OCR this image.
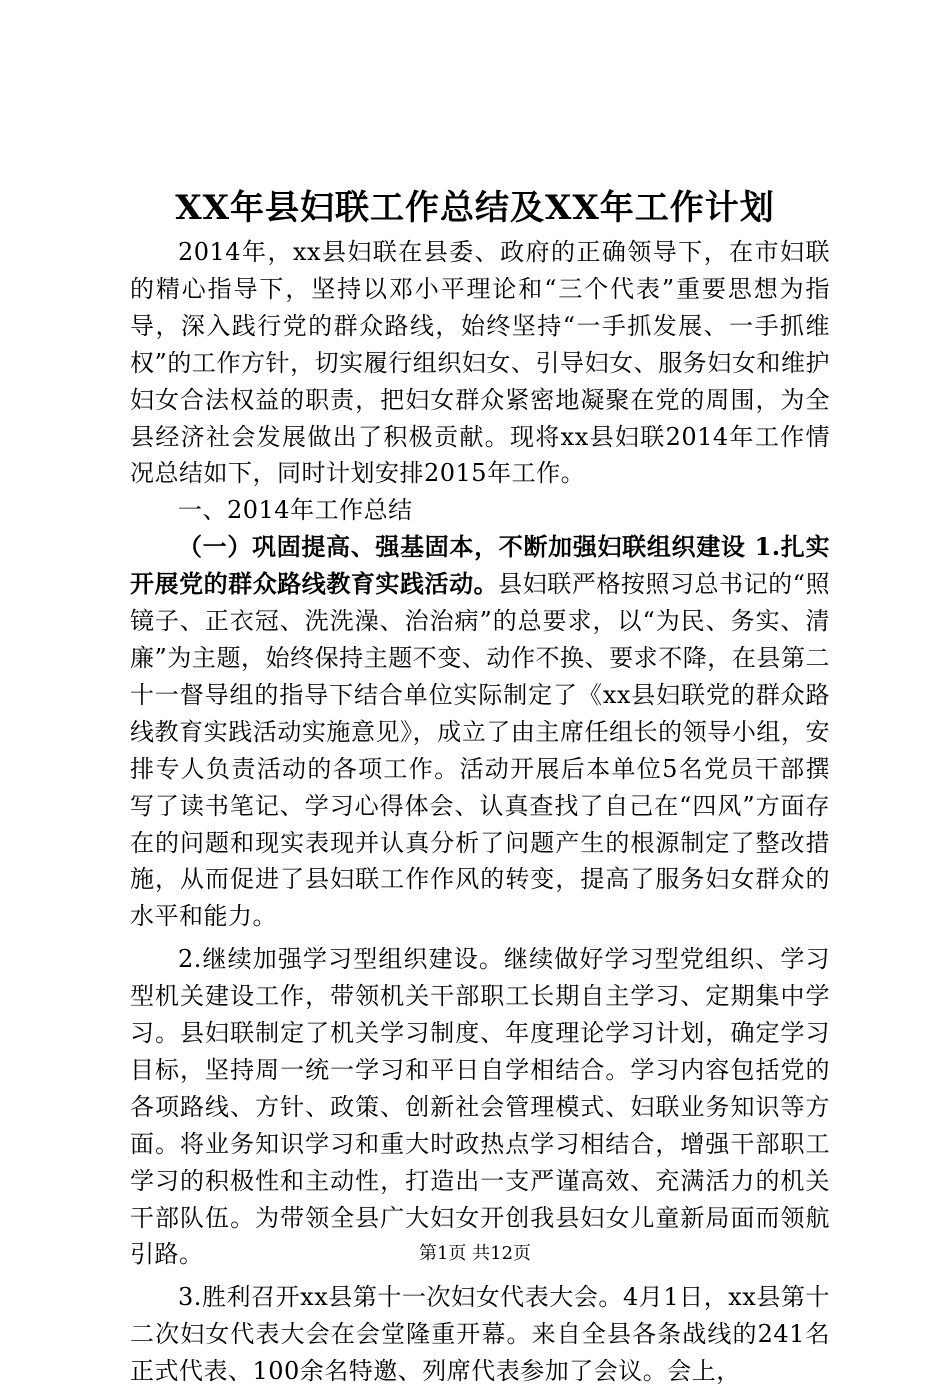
XX年县妇联工作总结及XX年工作计划

2014年，xx县妇联在县委、政府的正确领导下，在市妇联的精心指导下，坚持以邓小平理论和“三个代表”重要思想为指导，深入践行党的群众路线，始终坚持“一手抓发展、一手抓维权”的工作方针，切实履行组织妇女、引导妇女、服务妇女和维护妇女合法权益的职责，把妇女群众紧密地凝聚在党的周围，为全县经济社会发展做出了积极贡献。现将xx县妇联2014年工作情况总结如下，同时计划安排2015年工作。

一、2014年工作总结

（一）巩固提高、强基固本，不断加强妇联组织建设 1.扎实开展党的群众路线教育实践活动。县妇联严格按照习总书记的“照镜子、正衣冠、洗洗澡、治治病”的总要求，以“为民、务实、清廉”为主题，始终保持主题不变、动作不换、要求不降，在县第二十一督导组的指导下结合单位实际制定了《xx县妇联党的群众路线教育实践活动实施意见》，成立了由主席任组长的领导小组，安排专人负责活动的各项工作。活动开展后本单位5名党员干部撰写了读书笔记、学习心得体会、认真查找了自己在“四风”方面存在的问题和现实表现并认真分析了问题产生的根源制定了整改措施，从而促进了县妇联工作作风的转变，提高了服务妇女群众的水平和能力。

2.继续加强学习型组织建设。继续做好学习型党组织、学习型机关建设工作，带领机关干部职工长期自主学习、定期集中学习。县妇联制定了机关学习制度、年度理论学习计划，确定学习目标，坚持周一统一学习和平日自学相结合。学习内容包括党的各项路线、方针、政策、创新社会管理模式、妇联业务知识等方面。将业务知识学习和重大时政热点学习相结合，增强干部职工学习的积极性和主动性，打造出一支严谨高效、充满活力的机关干部队伍。为带领全县广大妇女开创我县妇女儿童新局面而领航引路。

3.胜利召开xx县第十一次妇女代表大会。4月1日，xx县第十二次妇女代表大会在会堂隆重开幕。来自全县各条战线的241名正式代表、100余名特邀、列席代表参加了会议。会上，

第1页 共12页
